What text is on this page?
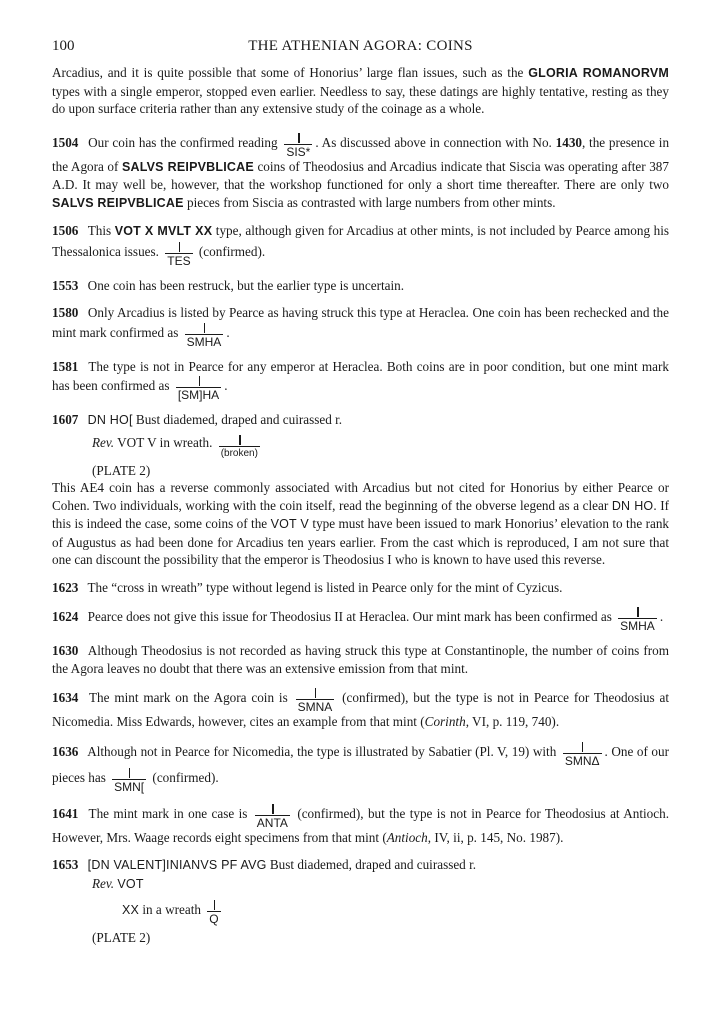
100	THE ATHENIAN AGORA: COINS

Arcadius, and it is quite possible that some of Honorius’ large flan issues, such as the GLORIA ROMANORVM types with a single emperor, stopped even earlier. Needless to say, these datings are highly tentative, resting as they do upon surface criteria rather than any extensive study of the coinage as a whole.

1504 Our coin has the confirmed reading
SIS*
. As discussed above in connection with No. 1430, the presence in the Agora of SALVS REIPVBLICAE coins of Theodosius and Arcadius indicate that Siscia was operating after 387 A.D. It may well be, however, that the workshop functioned for only a short time thereafter. There are only two SALVS REIPVBLICAE pieces from Siscia as contrasted with large numbers from other mints.

1506 This VOT X MVLT XX type, although given for Arcadius at other mints, is not included by Pearce among his Thessalonica issues.
TES
(confirmed).

1553 One coin has been restruck, but the earlier type is uncertain.

1580 Only Arcadius is listed by Pearce as having struck this type at Heraclea. One coin has been rechecked and the mint mark confirmed as
SMHA
.

1581 The type is not in Pearce for any emperor at Heraclea. Both coins are in poor condition, but one mint mark has been confirmed as
[SM]HA
.

1607 DN HO[ Bust diademed, draped and cuirassed r.

Rev. VOT V in wreath.
(broken)

(PLATE 2)

This AE4 coin has a reverse commonly associated with Arcadius but not cited for Honorius by either Pearce or Cohen. Two individuals, working with the coin itself, read the beginning of the obverse legend as a clear DN HO. If this is indeed the case, some coins of the VOT V type must have been issued to mark Honorius’ elevation to the rank of Augustus as had been done for Arcadius ten years earlier. From the cast which is reproduced, I am not sure that one can discount the possibility that the emperor is Theodosius I who is known to have used this reverse.

1623 The “cross in wreath” type without legend is listed in Pearce only for the mint of Cyzicus.

1624 Pearce does not give this issue for Theodosius II at Heraclea. Our mint mark has been confirmed as
SMHA
.

1630 Although Theodosius is not recorded as having struck this type at Constantinople, the number of coins from the Agora leaves no doubt that there was an extensive emission from that mint.

1634 The mint mark on the Agora coin is
SMNA
(confirmed), but the type is not in Pearce for Theodosius at Nicomedia. Miss Edwards, however, cites an example from that mint (Corinth, VI, p. 119, 740).

1636 Although not in Pearce for Nicomedia, the type is illustrated by Sabatier (Pl. V, 19) with
SMNΔ
. One of our pieces has
SMN[
(confirmed).

1641 The mint mark in one case is
ANTA
(confirmed), but the type is not in Pearce for Theodosius at Antioch. However, Mrs. Waage records eight specimens from that mint (Antioch, IV, ii, p. 145, No. 1987).

1653 [DN VALENT]INIANVS PF AVG Bust diademed, draped and cuirassed r.

Rev. VOT

XX in a wreath
Q

(PLATE 2)
